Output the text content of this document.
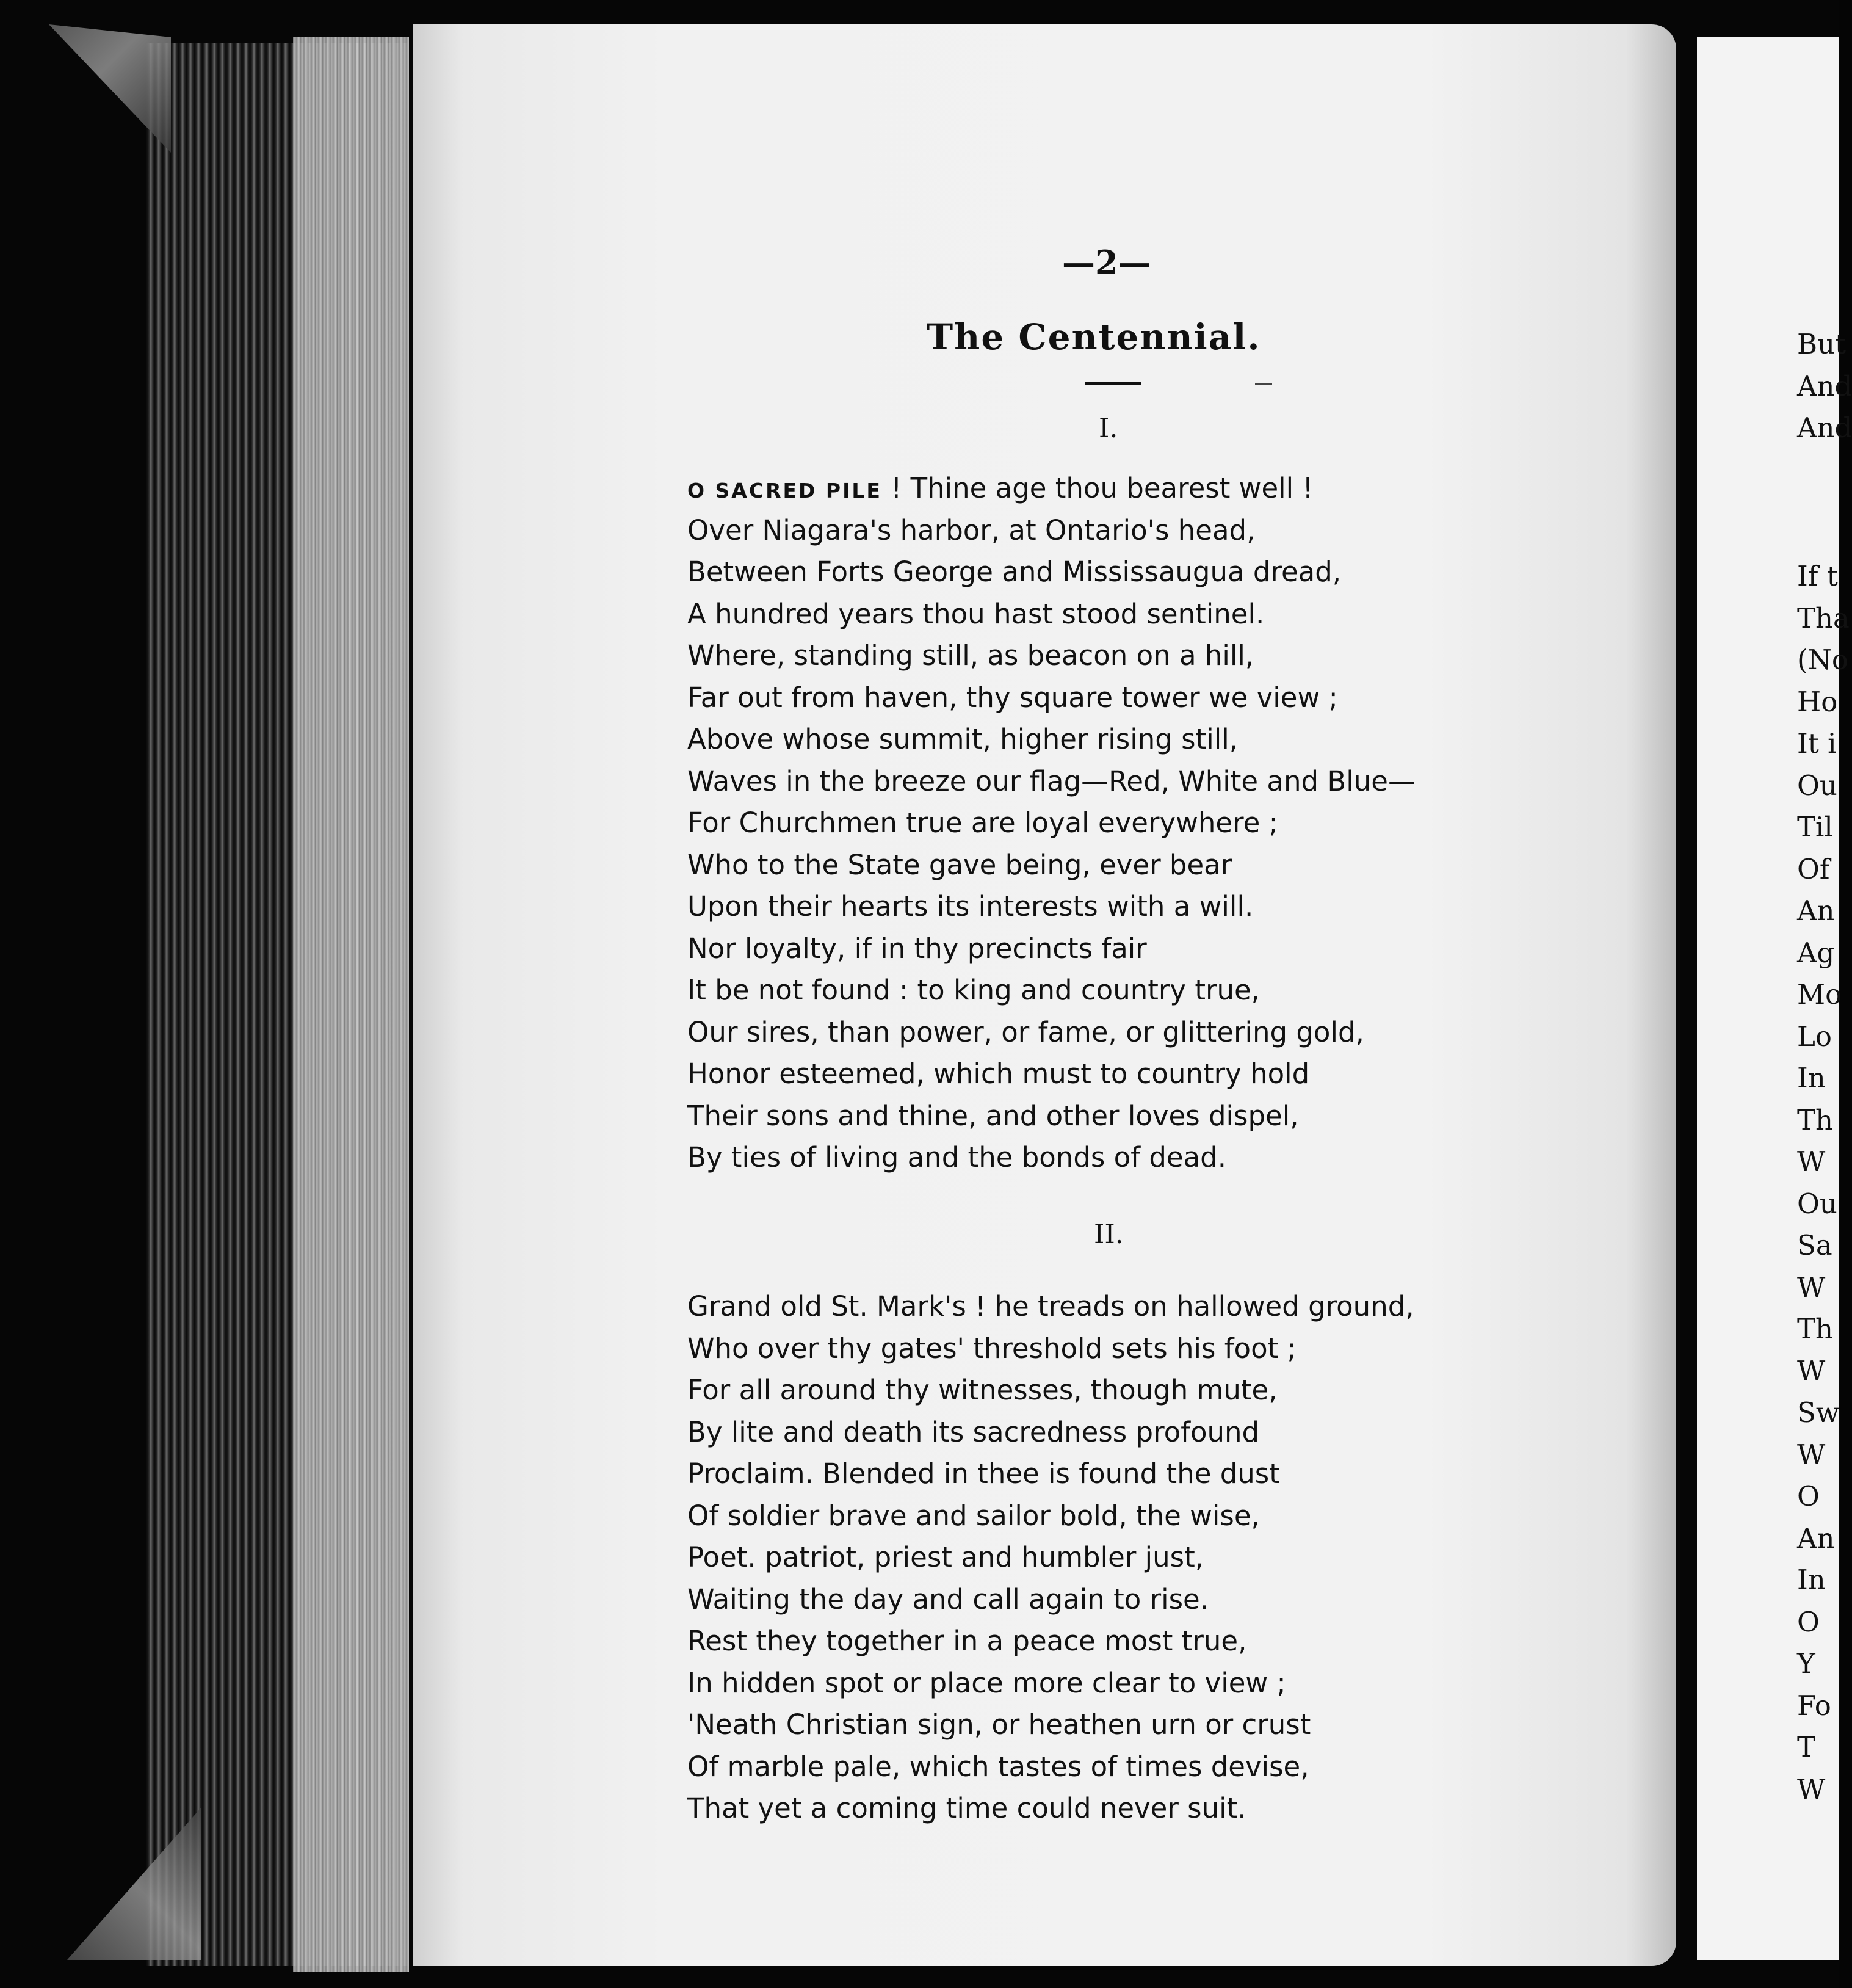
—2—
The Centennial.
I.
O SACRED PILE ! Thine age thou bearest well !
Over Niagara's harbor, at Ontario's head,
Between Forts George and Mississaugua dread,
A hundred years thou hast stood sentinel.
Where, standing still, as beacon on a hill,
Far out from haven, thy square tower we view ;
Above whose summit, higher rising still,
Waves in the breeze our flag—Red, White and Blue—
For Churchmen true are loyal everywhere ;
Who to the State gave being, ever bear
Upon their hearts its interests with a will.
Nor loyalty, if in thy precincts fair
It be not found : to king and country true,
Our sires, than power, or fame, or glittering gold,
Honor esteemed, which must to country hold
Their sons and thine, and other loves dispel,
By ties of living and the bonds of dead.
II.
Grand old St. Mark's ! he treads on hallowed ground,
Who over thy gates' threshold sets his foot ;
For all around thy witnesses, though mute,
By lite and death its sacredness profound
Proclaim. Blended in thee is found the dust
Of soldier brave and sailor bold, the wise,
Poet. patriot, priest and humbler just,
Waiting the day and call again to rise.
Rest they together in a peace most true,
In hidden spot or place more clear to view ;
'Neath Christian sign, or heathen urn or crust
Of marble pale, which tastes of times devise,
That yet a coming time could never suit.
But
And
And
If t
Tha
(No
Ho
It i
Ou
Til
Of
An
Ag
Mo
Lo
In
Th
W
Ou
Sa
W
Th
W
Sw
W
O
An
In
O
Y
Fo
T
W
